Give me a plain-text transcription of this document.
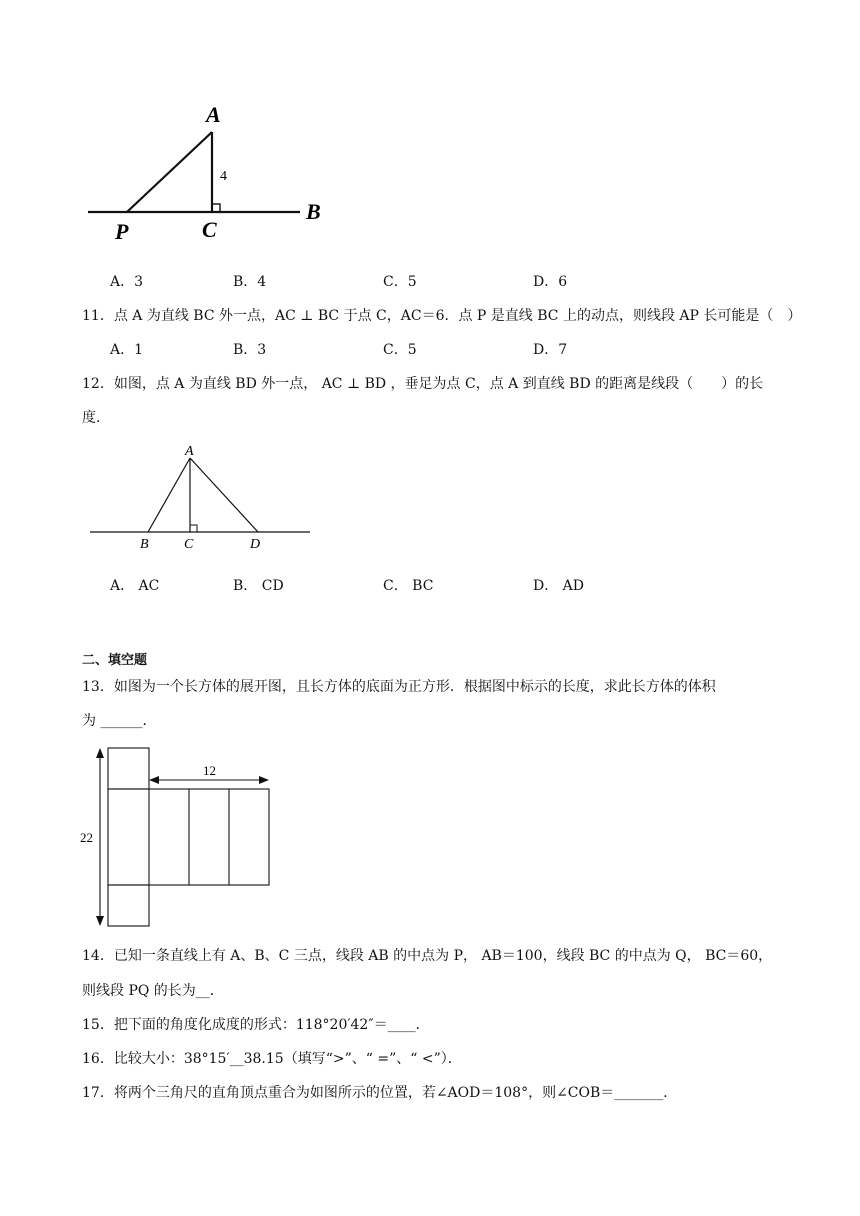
A
4
P	C
B
A．3	B．4	C．5	D．6
11．点 A 为直线 BC 外一点，AC ⊥ BC 于点 C，AC＝6．点 P 是直线 BC 上的动点，则线段 AP 长可能是（　）
A．1	B．3	C．5	D．7
12．如图，点 A 为直线 BD 外一点， AC ⊥ BD ，垂足为点 C，点 A 到直线 BD 的距离是线段（　　）的长
度．
A
B	C	D
A． AC	B． CD	C． BC	D． AD
二、填空题
13．如图为一个长方体的展开图，且长方体的底面为正方形．根据图中标示的长度，求此长方体的体积
为 ______．
12
22
14．已知一条直线上有 A、B、C 三点，线段 AB 的中点为 P， AB＝100，线段 BC 的中点为 Q， BC＝60，
则线段 PQ 的长为__．
15．把下面的角度化成度的形式：118°20′42″＝____．
16．比较大小：38°15′__38.15（填写“>”、“ =”、“ <”）．
17．将两个三角尺的直角顶点重合为如图所示的位置，若∠AOD＝108°，则∠COB＝_______．
